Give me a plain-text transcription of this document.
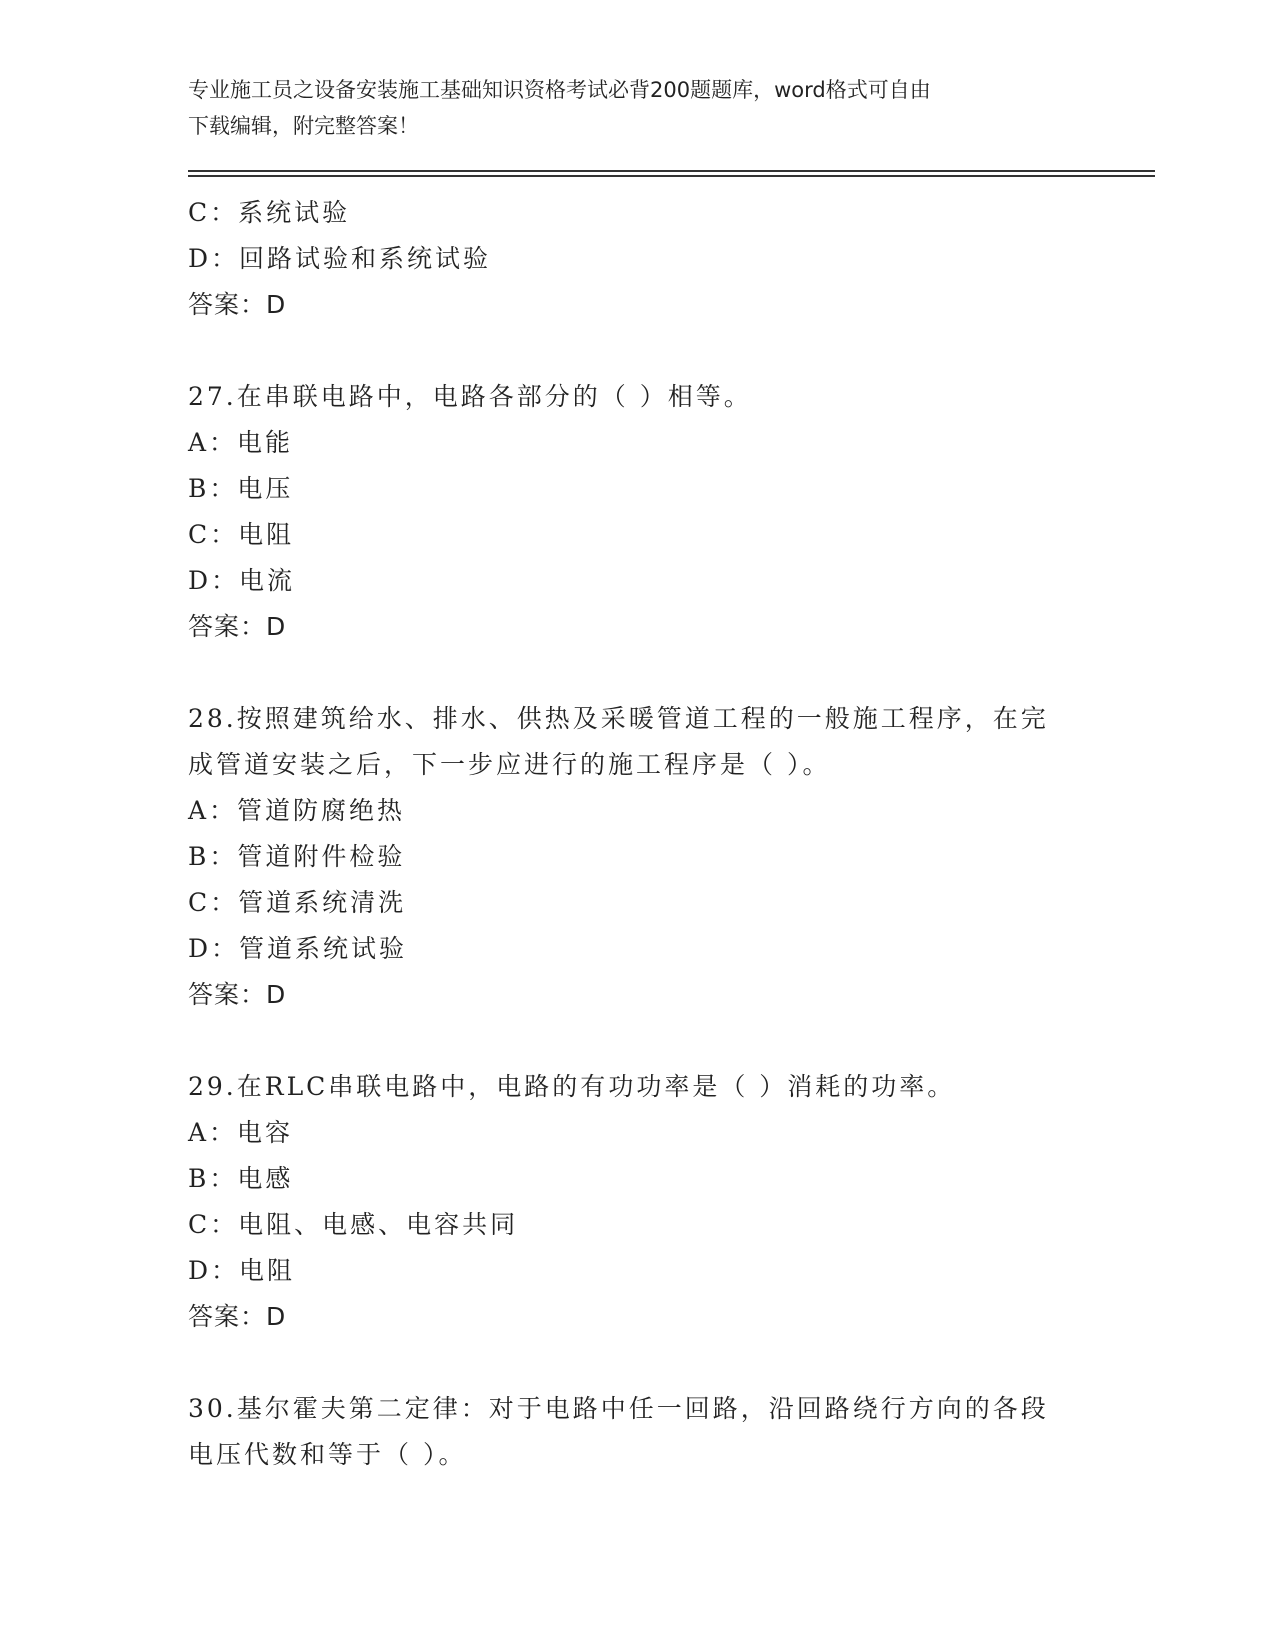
专业施工员之设备安装施工基础知识资格考试必背200题题库，word格式可自由
下载编辑，附完整答案！
C：系统试验
D：回路试验和系统试验
答案：D
27.在串联电路中，电路各部分的（ ）相等。
A：电能
B：电压
C：电阻
D：电流
答案：D
28.按照建筑给水、排水、供热及采暖管道工程的一般施工程序，在完
成管道安装之后，下一步应进行的施工程序是（ ）。
A：管道防腐绝热
B：管道附件检验
C：管道系统清洗
D：管道系统试验
答案：D
29.在RLC串联电路中，电路的有功功率是（ ）消耗的功率。
A：电容
B：电感
C：电阻、电感、电容共同
D：电阻
答案：D
30.基尔霍夫第二定律：对于电路中任一回路，沿回路绕行方向的各段
电压代数和等于（ ）。
